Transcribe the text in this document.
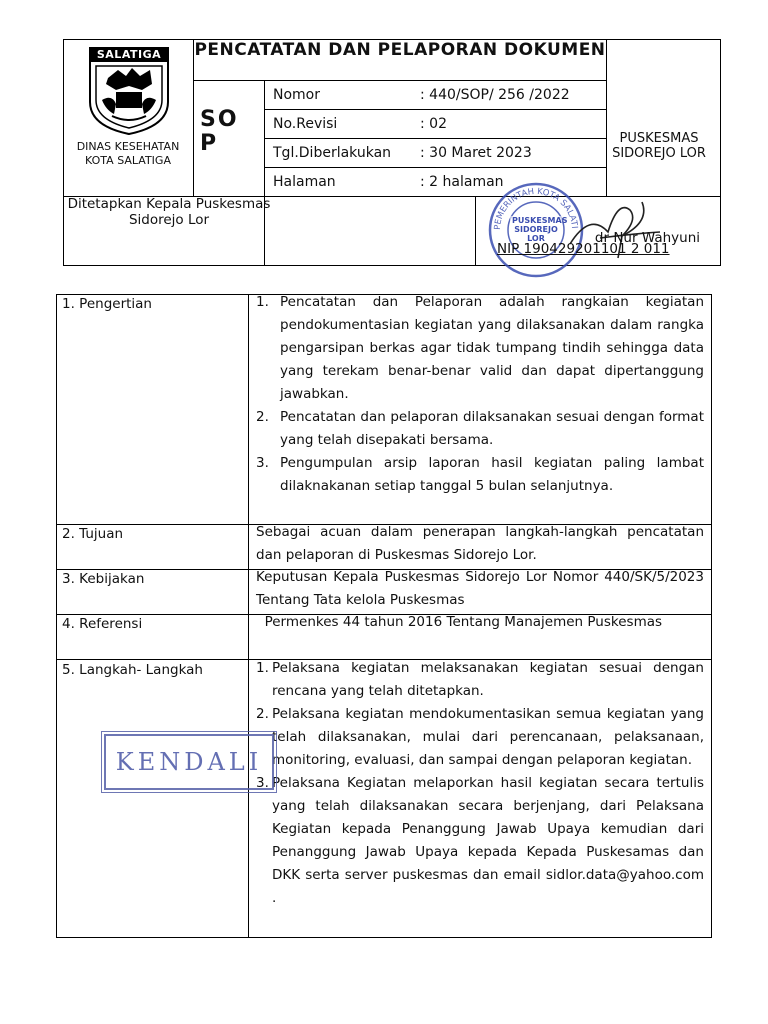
SALATIGA
DINAS KESEHATAN KOTA SALATIGA
PENCATATAN DAN PELAPORAN DOKUMEN
SO P
Nomor	: 440/SOP/ 256 /2022
No.Revisi	: 02
Tgl.Diberlakukan : 30 Maret 2023
Halaman	: 2 halaman
PUSKESMAS SIDOREJO LOR
Ditetapkan Kepala Puskesmas Sidorejo Lor	PEMERINTAH KOTA SALATI
PUSKESMAS SIDOREJO LOR	dr Nur Wahyuni
NIP 190429201101 2 011
1. Pengertian	1. Pencatatan dan Pelaporan adalah rangkaian kegiatan pendokumentasian kegiatan yang dilaksanakan dalam rangka pengarsipan berkas agar tidak tumpang tindih sehingga data yang terekam benar-benar valid dan dapat dipertanggung jawabkan.
2. Pencatatan dan pelaporan dilaksanakan sesuai dengan format yang telah disepakati bersama.
3. Pengumpulan arsip laporan hasil kegiatan paling lambat dilaknakanan setiap tanggal 5 bulan selanjutnya.
2. Tujuan	Sebagai acuan dalam penerapan langkah-langkah pencatatan dan pelaporan di Puskesmas Sidorejo Lor.
3. Kebijakan	Keputusan Kepala Puskesmas Sidorejo Lor Nomor 440/SK/5/2023 Tentang Tata kelola Puskesmas
4. Referensi	Permenkes 44 tahun 2016 Tentang Manajemen Puskesmas
5. Langkah- Langkah	1. Pelaksana kegiatan melaksanakan kegiatan sesuai dengan rencana yang telah ditetapkan.
2. Pelaksana kegiatan mendokumentasikan semua kegiatan yang telah dilaksanakan, mulai dari perencanaan, pelaksanaan, monitoring, evaluasi, dan sampai dengan pelaporan kegiatan.
3. Pelaksana Kegiatan melaporkan hasil kegiatan secara tertulis yang telah dilaksanakan secara berjenjang, dari Pelaksana Kegiatan kepada Penanggung Jawab Upaya kemudian dari Penanggung Jawab Upaya kepada Kepada Puskesamas dan DKK serta server puskesmas dan email sidlor.data@yahoo.com .
KENDALI
